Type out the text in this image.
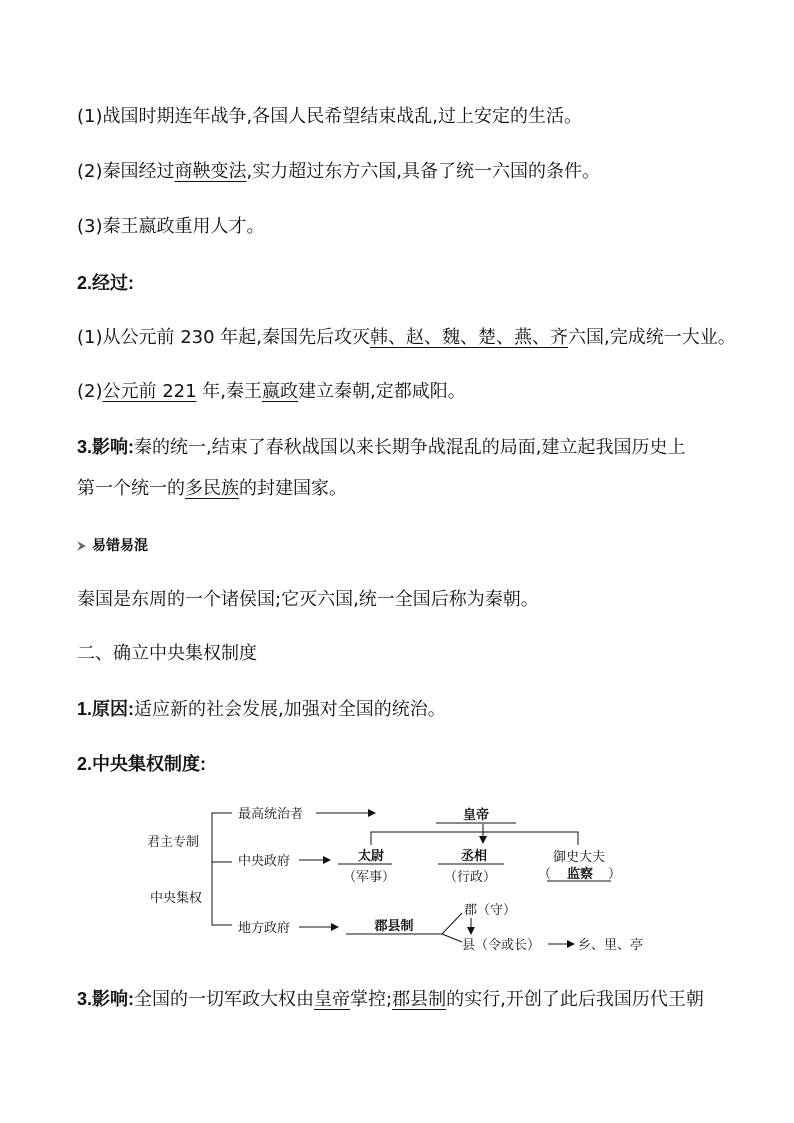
(1)战国时期连年战争,各国人民希望结束战乱,过上安定的生活。
(2)秦国经过商鞅变法,实力超过东方六国,具备了统一六国的条件。
(3)秦王嬴政重用人才。
2.经过:
(1)从公元前 230 年起,秦国先后攻灭韩、赵、魏、楚、燕、齐六国,完成统一大业。
(2)公元前 221 年,秦王嬴政建立秦朝,定都咸阳。
3.影响:秦的统一,结束了春秋战国以来长期争战混乱的局面,建立起我国历史上
第一个统一的多民族的封建国家。
易错易混
秦国是东周的一个诸侯国;它灭六国,统一全国后称为秦朝。
二、确立中央集权制度
1.原因:适应新的社会发展,加强对全国的统治。
2.中央集权制度:
君主专制
中央集权
最高统治者
中央政府
地方政府
皇帝
太尉
（军事）
丞相
（行政）
御史大夫
（ 监察 ）
郡县制
郡（守）
县（令或长）	乡、里、亭
3.影响:全国的一切军政大权由皇帝掌控;郡县制的实行,开创了此后我国历代王朝
